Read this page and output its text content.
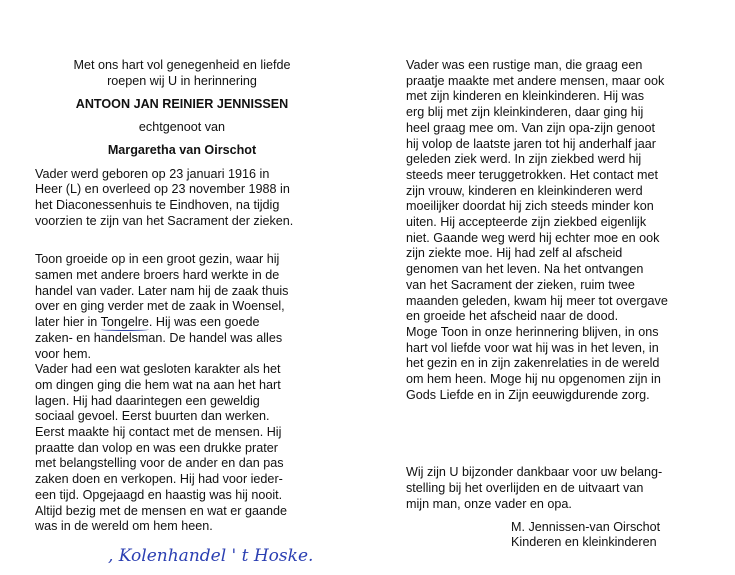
Met ons hart vol genegenheid en liefde
roepen wij U in herinnering
ANTOON JAN REINIER JENNISSEN
echtgenoot van
Margaretha van Oirschot
Vader werd geboren op 23 januari 1916 in
Heer (L) en overleed op 23 november 1988 in
het Diaconessenhuis te Eindhoven, na tijdig
voorzien te zijn van het Sacrament der zieken.
Toon groeide op in een groot gezin, waar hij
samen met andere broers hard werkte in de
handel van vader. Later nam hij de zaak thuis
over en ging verder met de zaak in Woensel,
later hier in Tongelre. Hij was een goede
zaken- en handelsman. De handel was alles
voor hem.
Vader had een wat gesloten karakter als het
om dingen ging die hem wat na aan het hart
lagen. Hij had daarintegen een geweldig
sociaal gevoel. Eerst buurten dan werken.
Eerst maakte hij contact met de mensen. Hij
praatte dan volop en was een drukke prater
met belangstelling voor de ander en dan pas
zaken doen en verkopen. Hij had voor ieder-
een tijd. Opgejaagd en haastig was hij nooit.
Altijd bezig met de mensen en wat er gaande
was in de wereld om hem heen.
Vader was een rustige man, die graag een
praatje maakte met andere mensen, maar ook
met zijn kinderen en kleinkinderen. Hij was
erg blij met zijn kleinkinderen, daar ging hij
heel graag mee om. Van zijn opa-zijn genoot
hij volop de laatste jaren tot hij anderhalf jaar
geleden ziek werd. In zijn ziekbed werd hij
steeds meer teruggetrokken. Het contact met
zijn vrouw, kinderen en kleinkinderen werd
moeilijker doordat hij zich steeds minder kon
uiten. Hij accepteerde zijn ziekbed eigenlijk
niet. Gaande weg werd hij echter moe en ook
zijn ziekte moe. Hij had zelf al afscheid
genomen van het leven. Na het ontvangen
van het Sacrament der zieken, ruim twee
maanden geleden, kwam hij meer tot overgave
en groeide het afscheid naar de dood.
Moge Toon in onze herinnering blijven, in ons
hart vol liefde voor wat hij was in het leven, in
het gezin en in zijn zakenrelaties in de wereld
om hem heen. Moge hij nu opgenomen zijn in
Gods Liefde en in Zijn eeuwigdurende zorg.
Wij zijn U bijzonder dankbaar voor uw belang-
stelling bij het overlijden en de uitvaart van
mijn man, onze vader en opa.
M. Jennissen-van Oirschot
Kinderen en kleinkinderen
, Kolenhandel ' t Hoske.
